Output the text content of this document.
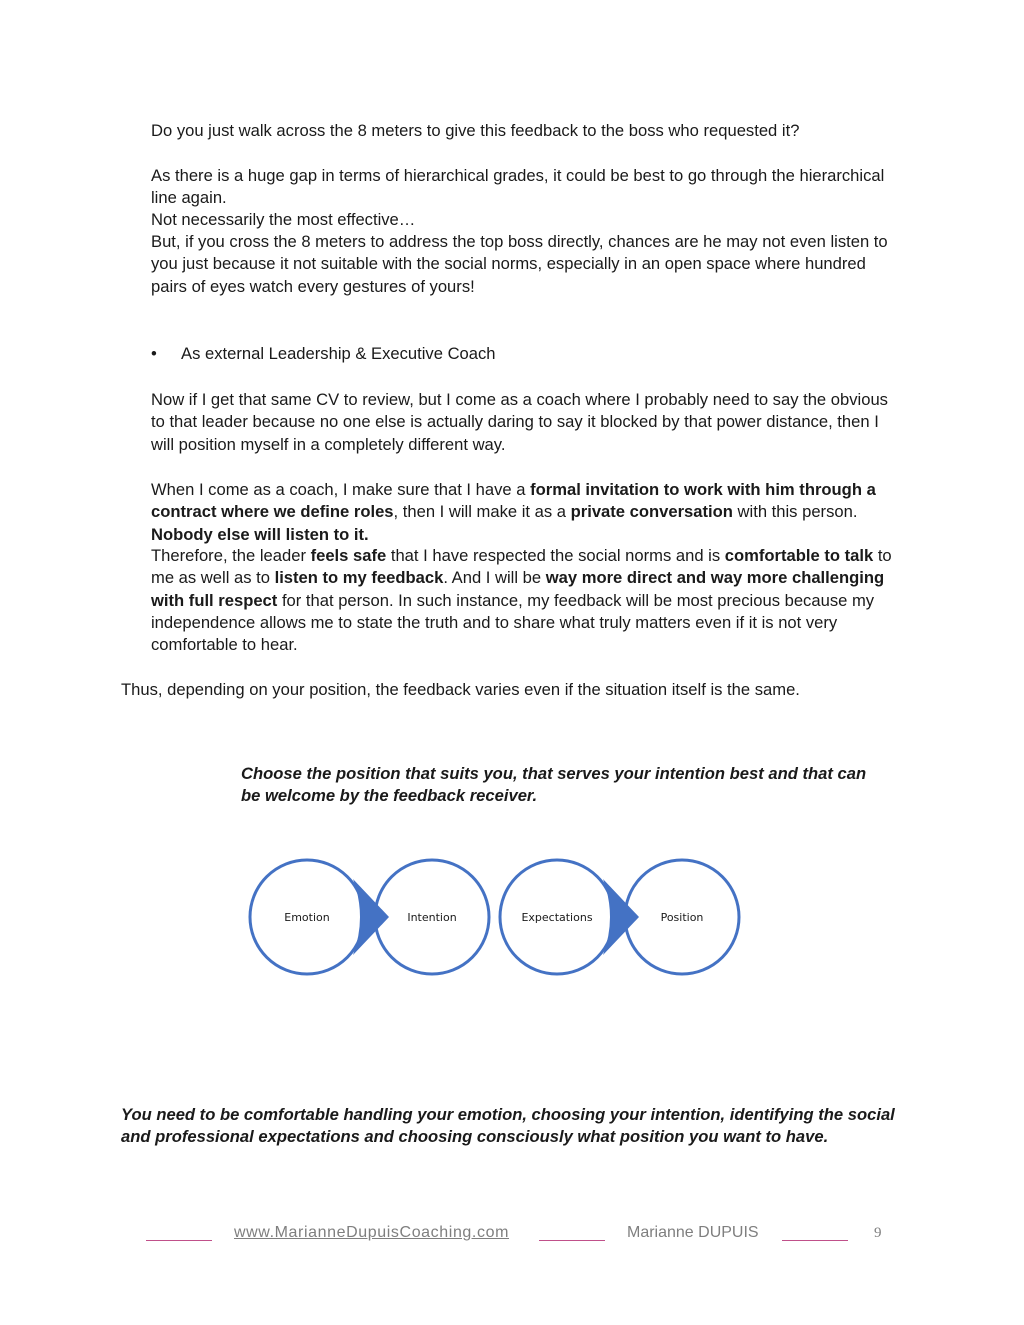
Do you just walk across the 8 meters to give this feedback to the boss who requested it?

As there is a huge gap in terms of hierarchical grades, it could be best to go through the hierarchical line again.

Not necessarily the most effective…

But, if you cross the 8 meters to address the top boss directly, chances are he may not even listen to you just because it not suitable with the social norms, especially in an open space where hundred pairs of eyes watch every gestures of yours!

• As external Leadership & Executive Coach

Now if I get that same CV to review, but I come as a coach where I probably need to say the obvious to that leader because no one else is actually daring to say it blocked by that power distance, then I will position myself in a completely different way.

When I come as a coach, I make sure that I have a formal invitation to work with him through a contract where we define roles, then I will make it as a private conversation with this person. Nobody else will listen to it.

Therefore, the leader feels safe that I have respected the social norms and is comfortable to talk to me as well as to listen to my feedback. And I will be way more direct and way more challenging with full respect for that person. In such instance, my feedback will be most precious because my independence allows me to state the truth and to share what truly matters even if it is not very comfortable to hear.

Thus, depending on your position, the feedback varies even if the situation itself is the same.

Choose the position that suits you, that serves your intention best and that can be welcome by the feedback receiver.

Emotion	Intention	Expectations	Position

You need to be comfortable handling your emotion, choosing your intention, identifying the social and professional expectations and choosing consciously what position you want to have.

www.MarianneDupuisCoaching.com	Marianne DUPUIS	9
